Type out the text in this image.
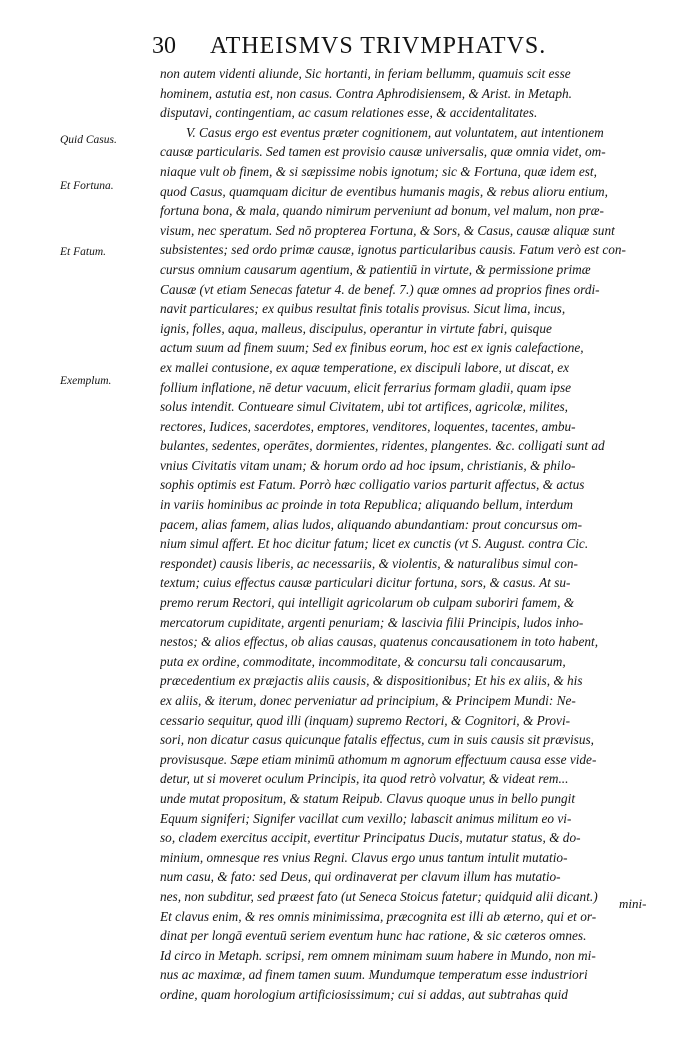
30 ATHEISMVS TRIVMPHATVS.
Quid Casus.
Et Fortuna.
Et Fatum.
Exemplum.
non autem videnti aliunde, Sic hortanti, in feriam bellumm, quamuis scit esse
hominem, astutia est, non casus. Contra Aphrodisiensem, & Arist. in Metaph.
disputavi, contingentiam, ac casum relationes esse, & accidentalitates.
V. Casus ergo est eventus præter cognitionem, aut voluntatem, aut intentionem
causæ particularis. Sed tamen est provisio causæ universalis, quæ omnia videt, om-
niaque vult ob finem, & si sæpissime nobis ignotum; sic & Fortuna, quæ idem est,
quod Casus, quamquam dicitur de eventibus humanis magis, & rebus alioru entium,
fortuna bona, & mala, quando nimirum perveniunt ad bonum, vel malum, non præ-
visum, nec speratum. Sed nō propterea Fortuna, & Sors, & Casus, causæ aliquæ sunt
subsistentes; sed ordo primæ causæ, ignotus particularibus causis. Fatum verò est con-
cursus omnium causarum agentium, & patientiū in virtute, & permissione primæ
Causæ (vt etiam Senecas fatetur 4. de benef. 7.) quæ omnes ad proprios fines ordi-
navit particulares; ex quibus resultat finis totalis provisus. Sicut lima, incus,
ignis, folles, aqua, malleus, discipulus, operantur in virtute fabri, quisque
actum suum ad finem suum; Sed ex finibus eorum, hoc est ex ignis calefactione,
ex mallei contusione, ex aquæ temperatione, ex discipuli labore, ut discat, ex
follium inflatione, nē detur vacuum, elicit ferrarius formam gladii, quam ipse
solus intendit. Contueare simul Civitatem, ubi tot artifices, agricolæ, milites,
rectores, Iudices, sacerdotes, emptores, venditores, loquentes, tacentes, ambu-
bulantes, sedentes, operātes, dormientes, ridentes, plangentes. &c. colligati sunt ad
vnius Civitatis vitam unam; & horum ordo ad hoc ipsum, christianis, & philo-
sophis optimis est Fatum. Porrò hæc colligatio varios parturit affectus, & actus
in variis hominibus ac proinde in tota Republica; aliquando bellum, interdum
pacem, alias famem, alias ludos, aliquando abundantiam: prout concursus om-
nium simul affert. Et hoc dicitur fatum; licet ex cunctis (vt S. August. contra Cic.
respondet) causis liberis, ac necessariis, & violentis, & naturalibus simul con-
textum; cuius effectus causæ particulari dicitur fortuna, sors, & casus. At su-
premo rerum Rectori, qui intelligit agricolarum ob culpam suboriri famem, &
mercatorum cupiditate, argenti penuriam; & lascivia filii Principis, ludos inho-
nestos; & alios effectus, ob alias causas, quatenus concausationem in toto habent,
puta ex ordine, commoditate, incommoditate, & concursu tali concausarum,
præcedentium ex præjactis aliis causis, & dispositionibus; Et his ex aliis, & his
ex aliis, & iterum, donec perveniatur ad principium, & Principem Mundi: Ne-
cessario sequitur, quod illi (inquam) supremo Rectori, & Cognitori, & Provi-
sori, non dicatur casus quicunque fatalis effectus, cum in suis causis sit prævisus,
provisusque. Sæpe etiam minimū athomum m agnorum effectuum causa esse vide-
detur, ut si moveret oculum Principis, ita quod retrò volvatur, & videat rem...
unde mutat propositum, & statum Reipub. Clavus quoque unus in bello pungit
Equum signiferi; Signifer vacillat cum vexillo; labascit animus militum eo vi-
so, cladem exercitus accipit, evertitur Principatus Ducis, mutatur status, & do-
minium, omnesque res vnius Regni. Clavus ergo unus tantum intulit mutatio-
num casu, & fato: sed Deus, qui ordinaverat per clavum illum has mutatio-
nes, non subditur, sed præest fato (ut Seneca Stoicus fatetur; quidquid alii dicant.)
Et clavus enim, & res omnis minimissima, præcognita est illi ab æterno, qui et or-
dinat per longā eventuū seriem eventum hunc hac ratione, & sic cæteros omnes.
Id circo in Metaph. scripsi, rem omnem minimam suum habere in Mundo, non mi-
nus ac maximæ, ad finem tamen suum. Mundumque temperatum esse industriori
ordine, quam horologium artificiosissimum; cui si addas, aut subtrahas quid
mini-
